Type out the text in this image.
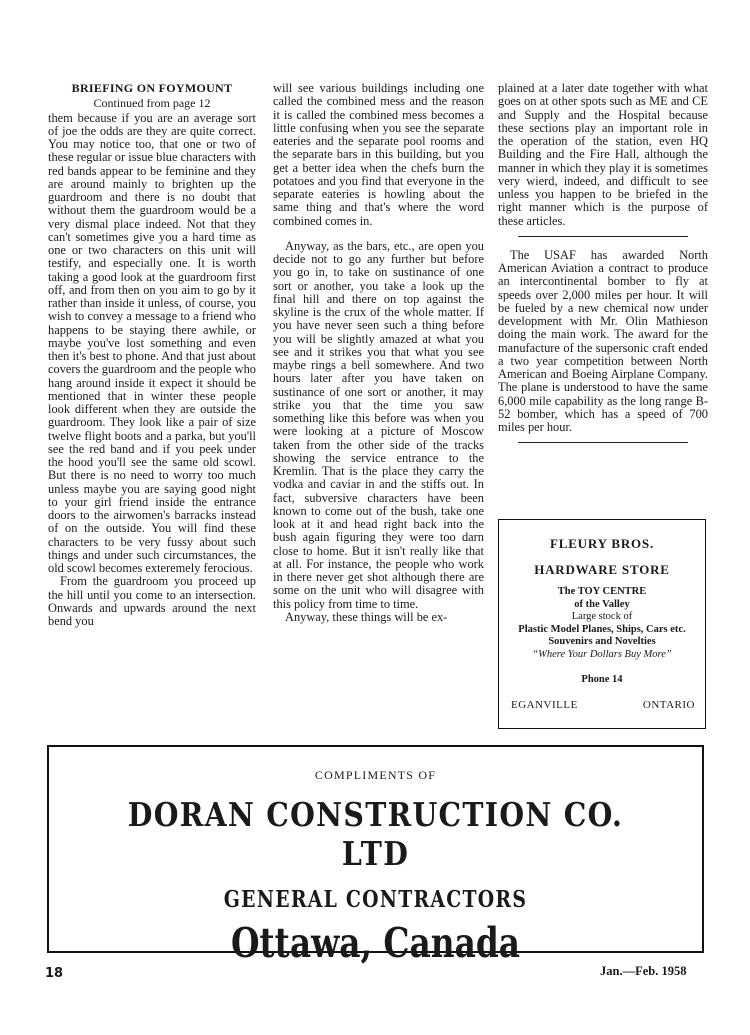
BRIEFING ON FOYMOUNT

Continued from page 12

them because if you are an average sort of joe the odds are they are quite correct. You may notice too, that one or two of these regular or issue blue characters with red bands appear to be feminine and they are around mainly to brighten up the guardroom and there is no doubt that without them the guardroom would be a very dismal place indeed. Not that they can't sometimes give you a hard time as one or two characters on this unit will testify, and especially one. It is worth taking a good look at the guardroom first off, and from then on you aim to go by it rather than inside it unless, of course, you wish to convey a message to a friend who happens to be staying there awhile, or maybe you've lost something and even then it's best to phone. And that just about covers the guardroom and the people who hang around inside it expect it should be mentioned that in winter these people look different when they are outside the guardroom. They look like a pair of size twelve flight boots and a parka, but you'll see the red band and if you peek under the hood you'll see the same old scowl. But there is no need to worry too much unless maybe you are saying good night to your girl friend inside the entrance doors to the airwomen's barracks instead of on the outside. You will find these characters to be very fussy about such things and under such circumstances, the old scowl becomes exteremely ferocious.

From the guardroom you proceed up the hill until you come to an intersection. Onwards and upwards around the next bend you

will see various buildings including one called the combined mess and the reason it is called the combined mess becomes a little confusing when you see the separate eateries and the separate pool rooms and the separate bars in this building, but you get a better idea when the chefs burn the potatoes and you find that everyone in the separate eateries is howling about the same thing and that's where the word combined comes in.

Anyway, as the bars, etc., are open you decide not to go any further but before you go in, to take on sustinance of one sort or another, you take a look up the final hill and there on top against the skyline is the crux of the whole matter. If you have never seen such a thing before you will be slightly amazed at what you see and it strikes you that what you see maybe rings a bell somewhere. And two hours later after you have taken on sustinance of one sort or another, it may strike you that the time you saw something like this before was when you were looking at a picture of Moscow taken from the other side of the tracks showing the service entrance to the Kremlin. That is the place they carry the vodka and caviar in and the stiffs out. In fact, subversive characters have been known to come out of the bush, take one look at it and head right back into the bush again figuring they were too darn close to home. But it isn't really like that at all. For instance, the people who work in there never get shot although there are some on the unit who will disagree with this policy from time to time.

Anyway, these things will be ex-

plained at a later date together with what goes on at other spots such as ME and CE and Supply and the Hospital because these sections play an important role in the operation of the station, even HQ Building and the Fire Hall, although the manner in which they play it is sometimes very wierd, indeed, and difficult to see unless you happen to be briefed in the right manner which is the purpose of these articles.

The USAF has awarded North American Aviation a contract to produce an intercontinental bomber to fly at speeds over 2,000 miles per hour. It will be fueled by a new chemical now under development with Mr. Olin Mathieson doing the main work. The award for the manufacture of the supersonic craft ended a two year competition between North American and Boeing Airplane Company. The plane is understood to have the same 6,000 mile capability as the long range B-52 bomber, which has a speed of 700 miles per hour.

FLEURY BROS.
HARDWARE STORE
The TOY CENTRE
of the Valley
Large stock of
Plastic Model Planes, Ships, Cars etc.
Souvenirs and Novelties
“Where Your Dollars Buy More”
Phone 14
EGANVILLE	ONTARIO
COMPLIMENTS OF
DORAN CONSTRUCTION CO. LTD
GENERAL CONTRACTORS
Ottawa, Canada
18	Jan.—Feb. 1958
